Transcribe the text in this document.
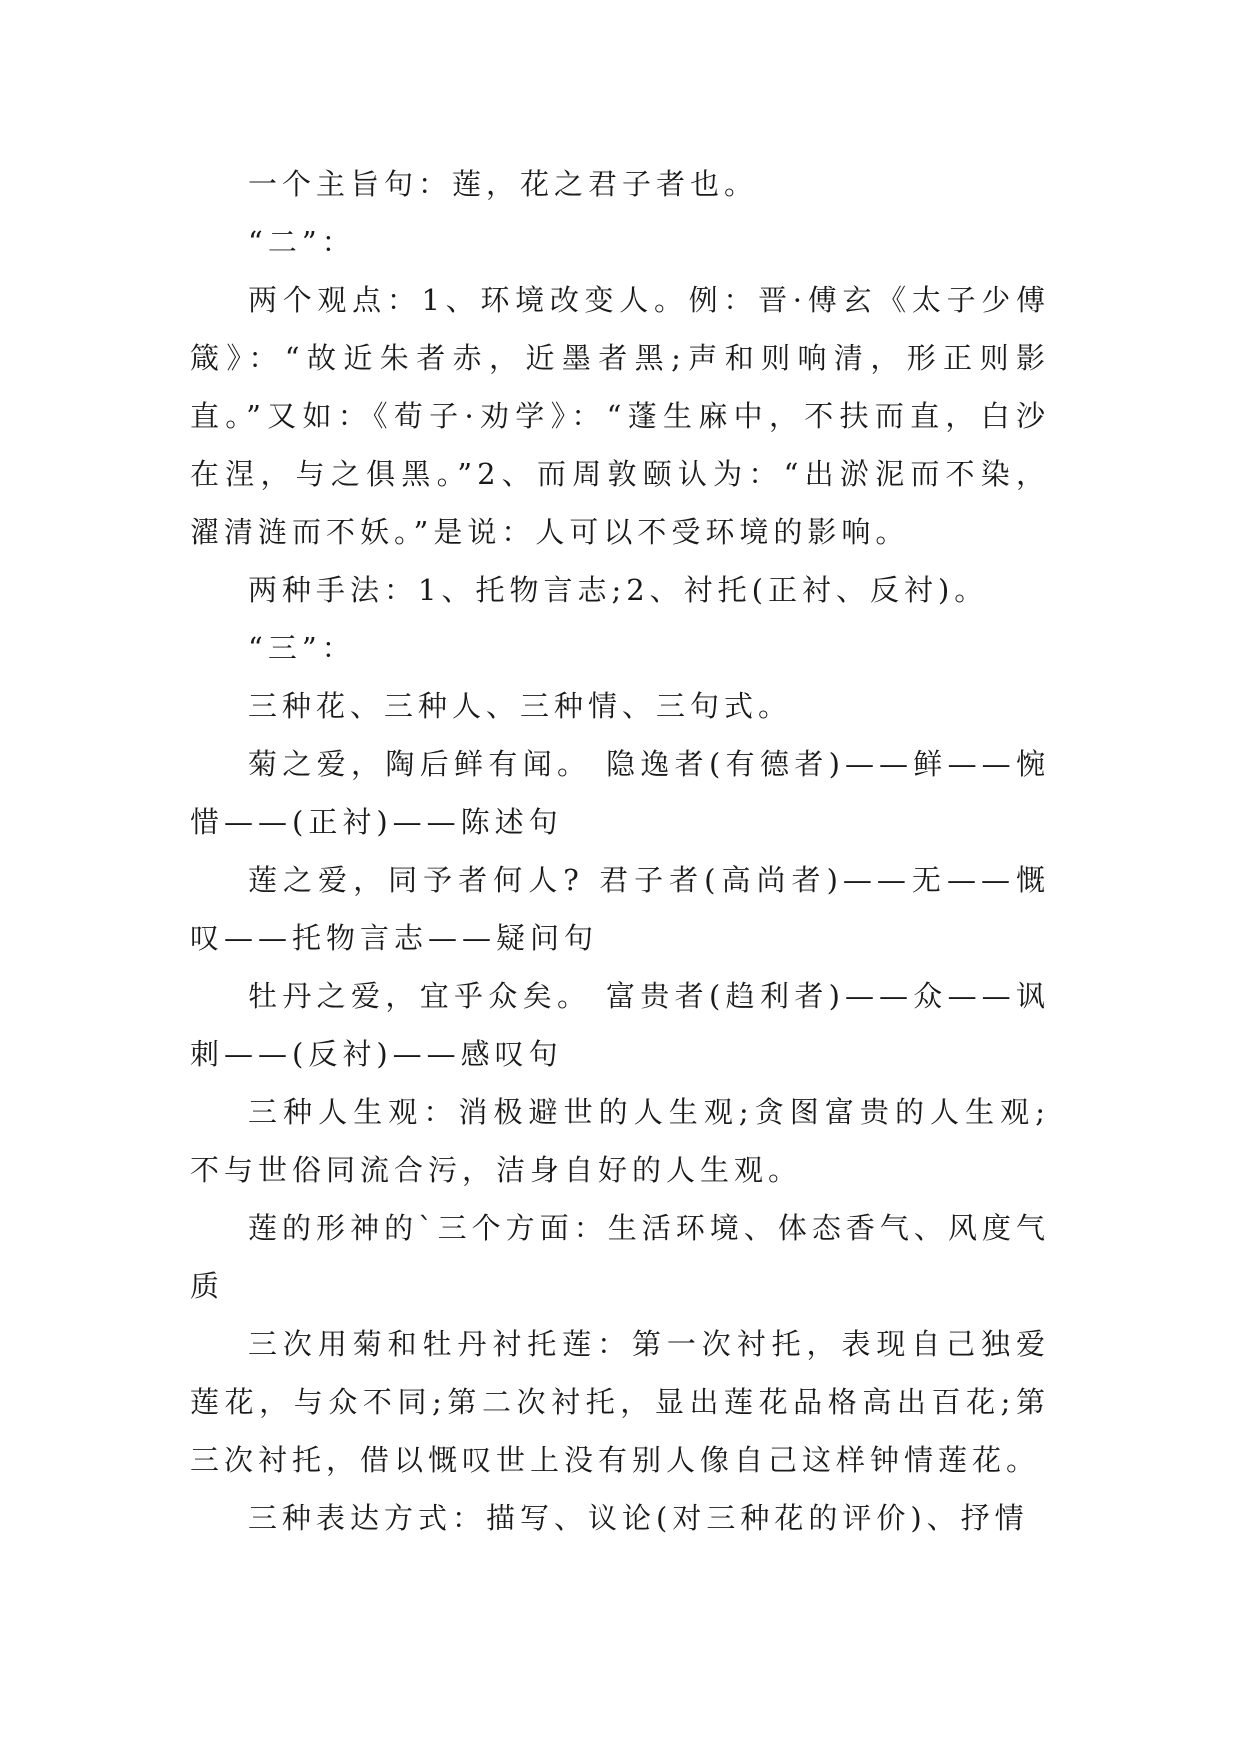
一个主旨句：莲，花之君子者也。

“二”：

两个观点：1、环境改变人。例：晋·傅玄《太子少傅箴》：“故近朱者赤，近墨者黑;声和则响清，形正则影直。”又如：《荀子·劝学》：“蓬生麻中，不扶而直，白沙在涅，与之俱黑。”2、而周敦颐认为：“出淤泥而不染，濯清涟而不妖。”是说：人可以不受环境的影响。

两种手法：1、托物言志;2、衬托(正衬、反衬)。

“三”：

三种花、三种人、三种情、三句式。

菊之爱，陶后鲜有闻。 隐逸者(有德者)——鲜——惋惜——(正衬)——陈述句

莲之爱，同予者何人? 君子者(高尚者)——无——慨叹——托物言志——疑问句

牡丹之爱，宜乎众矣。 富贵者(趋利者)——众——讽刺——(反衬)——感叹句

三种人生观：消极避世的人生观;贪图富贵的人生观;不与世俗同流合污，洁身自好的人生观。

莲的形神的`三个方面：生活环境、体态香气、风度气质

三次用菊和牡丹衬托莲：第一次衬托，表现自己独爱莲花，与众不同;第二次衬托，显出莲花品格高出百花;第三次衬托，借以慨叹世上没有别人像自己这样钟情莲花。

三种表达方式：描写、议论(对三种花的评价)、抒情
